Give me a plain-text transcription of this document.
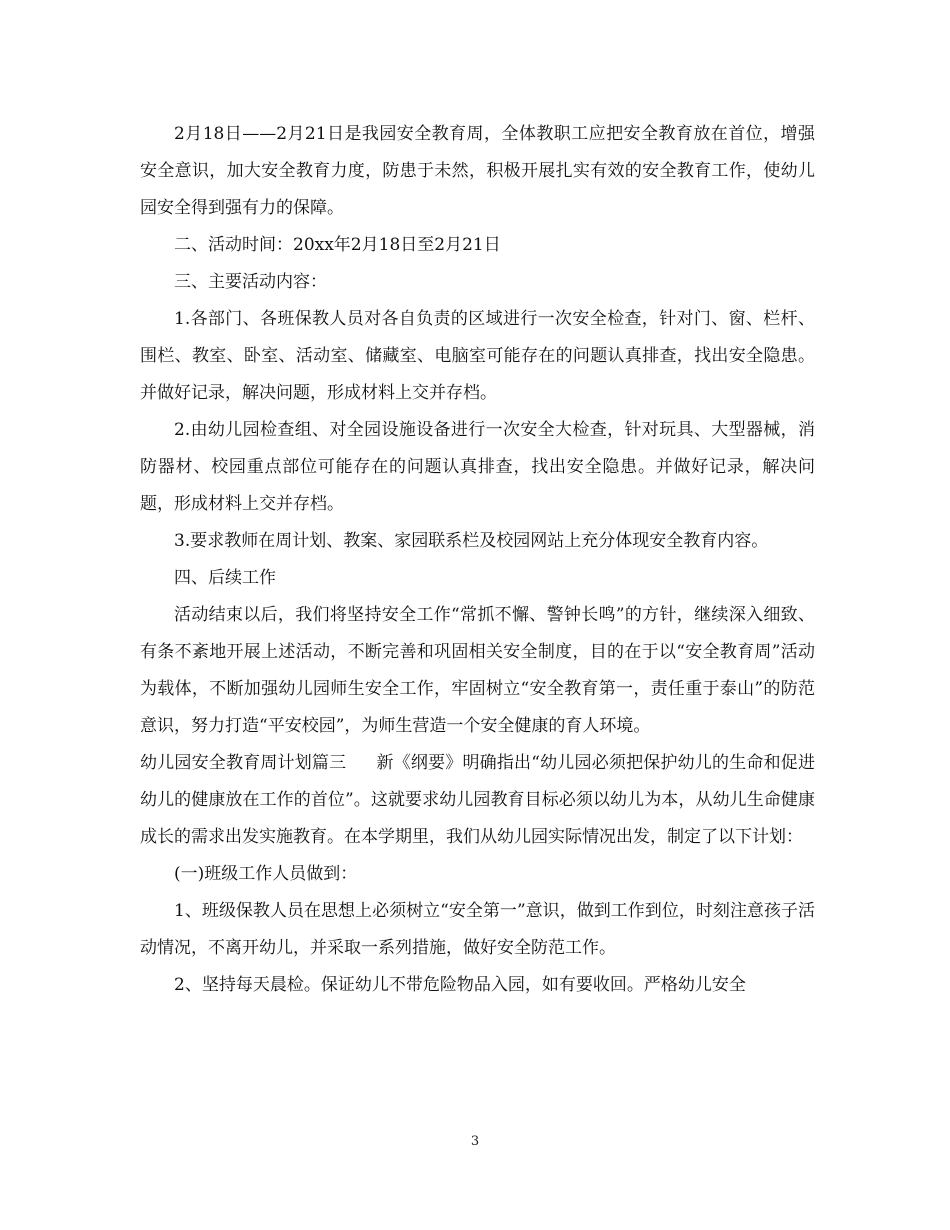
2月18日——2月21日是我园安全教育周，全体教职工应把安全教育放在首位，增强安全意识，加大安全教育力度，防患于未然，积极开展扎实有效的安全教育工作，使幼儿园安全得到强有力的保障。

二、活动时间：20xx年2月18日至2月21日

三、主要活动内容：

1.各部门、各班保教人员对各自负责的区域进行一次安全检查，针对门、窗、栏杆、围栏、教室、卧室、活动室、储藏室、电脑室可能存在的问题认真排查，找出安全隐患。并做好记录，解决问题，形成材料上交并存档。

2.由幼儿园检查组、对全园设施设备进行一次安全大检查，针对玩具、大型器械，消防器材、校园重点部位可能存在的问题认真排查，找出安全隐患。并做好记录，解决问题，形成材料上交并存档。

3.要求教师在周计划、教案、家园联系栏及校园网站上充分体现安全教育内容。

四、后续工作

活动结束以后，我们将坚持安全工作“常抓不懈、警钟长鸣”的方针，继续深入细致、有条不紊地开展上述活动，不断完善和巩固相关安全制度，目的在于以“安全教育周”活动为载体，不断加强幼儿园师生安全工作，牢固树立“安全教育第一，责任重于泰山”的防范意识，努力打造“平安校园”，为师生营造一个安全健康的育人环境。

幼儿园安全教育周计划篇三 新《纲要》明确指出“幼儿园必须把保护幼儿的生命和促进幼儿的健康放在工作的首位”。这就要求幼儿园教育目标必须以幼儿为本，从幼儿生命健康成长的需求出发实施教育。在本学期里，我们从幼儿园实际情况出发，制定了以下计划：

(一)班级工作人员做到：

1、班级保教人员在思想上必须树立“安全第一”意识，做到工作到位，时刻注意孩子活动情况，不离开幼儿，并采取一系列措施，做好安全防范工作。

2、坚持每天晨检。保证幼儿不带危险物品入园，如有要收回。严格幼儿安全

3
